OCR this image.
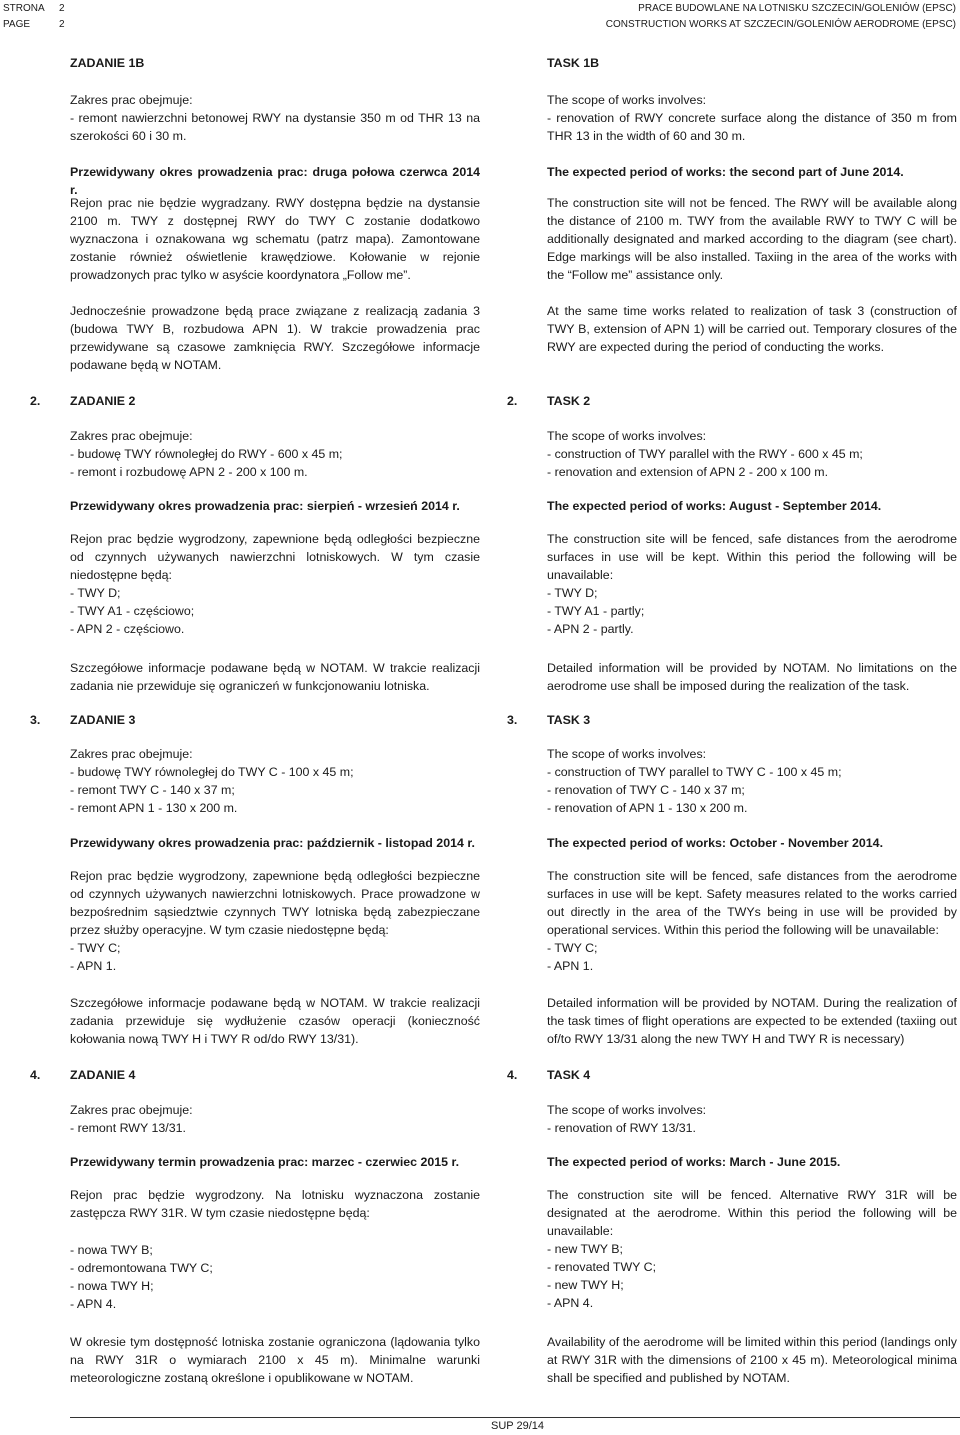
STRONA 2
PAGE	2
PRACE BUDOWLANE NA LOTNISKU SZCZECIN/GOLENIÓW (EPSC)
CONSTRUCTION WORKS AT SZCZECIN/GOLENIÓW AERODROME (EPSC)
ZADANIE 1B

Zakres prac obejmuje:

- remont nawierzchni betonowej RWY na dystansie 350 m od THR 13 na szerokości 60 i 30 m.

Przewidywany okres prowadzenia prac: druga połowa czerwca 2014 r.
Rejon prac nie będzie wygradzany. RWY dostępna będzie na dystansie 2100 m. TWY z dostępnej RWY do TWY C zostanie dodatkowo wyznaczona i oznakowana wg schematu (patrz mapa). Zamontowane zostanie również oświetlenie krawędziowe. Kołowanie w rejonie prowadzonych prac tylko w asyście koordynatora „Follow me”.
Jednocześnie prowadzone będą prace związane z realizacją zadania 3 (budowa TWY B, rozbudowa APN 1). W trakcie prowadzenia prac przewidywane są czasowe zamknięcia RWY. Szczegółowe informacje podawane będą w NOTAM.
2. ZADANIE 2

Zakres prac obejmuje:

- budowę TWY równoległej do RWY - 600 x 45 m;

- remont i rozbudowę APN 2 - 200 x 100 m.

Przewidywany okres prowadzenia prac: sierpień - wrzesień 2014 r.

Rejon prac będzie wygrodzony, zapewnione będą odległości bezpieczne od czynnych używanych nawierzchni lotniskowych. W tym czasie niedostępne będą:

- TWY D;

- TWY A1 - częściowo;

- APN 2 - częściowo.

Szczegółowe informacje podawane będą w NOTAM. W trakcie realizacji zadania nie przewiduje się ograniczeń w funkcjonowaniu lotniska.
3. ZADANIE 3

Zakres prac obejmuje:

- budowę TWY równoległej do TWY C - 100 x 45 m;

- remont TWY C - 140 x 37 m;

- remont APN 1 - 130 x 200 m.

Przewidywany okres prowadzenia prac: październik - listopad 2014 r.

Rejon prac będzie wygrodzony, zapewnione będą odległości bezpieczne od czynnych używanych nawierzchni lotniskowych. Prace prowadzone w bezpośrednim sąsiedztwie czynnych TWY lotniska będą zabezpieczane przez służby operacyjne. W tym czasie niedostępne będą:

- TWY C;

- APN 1.

Szczegółowe informacje podawane będą w NOTAM. W trakcie realizacji zadania przewiduje się wydłużenie czasów operacji (konieczność kołowania nową TWY H i TWY R od/do RWY 13/31).
4. ZADANIE 4

Zakres prac obejmuje:

- remont RWY 13/31.

Przewidywany termin prowadzenia prac: marzec - czerwiec 2015 r.
Rejon prac będzie wygrodzony. Na lotnisku wyznaczona zostanie zastępcza RWY 31R. W tym czasie niedostępne będą:

- nowa TWY B;

- odremontowana TWY C;

- nowa TWY H;

- APN 4.

W okresie tym dostępność lotniska zostanie ograniczona (lądowania tylko na RWY 31R o wymiarach 2100 x 45 m). Minimalne warunki meteorologiczne zostaną określone i opublikowane w NOTAM.
TASK 1B

The scope of works involves:

- renovation of RWY concrete surface along the distance of 350 m from THR 13 in the width of 60 and 30 m.

The expected period of works: the second part of June 2014.
The construction site will not be fenced. The RWY will be available along the distance of 2100 m. TWY from the available RWY to TWY C will be additionally designated and marked according to the diagram (see chart). Edge markings will be also installed. Taxiing in the area of the works with the “Follow me” assistance only.
At the same time works related to realization of task 3 (construction of TWY B, extension of APN 1) will be carried out. Temporary closures of the RWY are expected during the period of conducting the works.
2. TASK 2

The scope of works involves:

- construction of TWY parallel with the RWY - 600 x 45 m;

- renovation and extension of APN 2 - 200 x 100 m.

The expected period of works: August - September 2014.

The construction site will be fenced, safe distances from the aerodrome surfaces in use will be kept. Within this period the following will be unavailable:

- TWY D;

- TWY A1 - partly;

- APN 2 - partly.

Detailed information will be provided by NOTAM. No limitations on the aerodrome use shall be imposed during the realization of the task.
3. TASK 3

The scope of works involves:

- construction of TWY parallel to TWY C - 100 x 45 m;

- renovation of TWY C - 140 x 37 m;

- renovation of APN 1 - 130 x 200 m.

The expected period of works: October - November 2014.

The construction site will be fenced, safe distances from the aerodrome surfaces in use will be kept. Safety measures related to the works carried out directly in the area of the TWYs being in use will be provided by operational services. Within this period the following will be unavailable:

- TWY C;

- APN 1.

Detailed information will be provided by NOTAM. During the realization of the task times of flight operations are expected to be extended (taxiing out of/to RWY 13/31 along the new TWY H and TWY R is necessary)
4. TASK 4

The scope of works involves:

- renovation of RWY 13/31.

The expected period of works: March - June 2015.

The construction site will be fenced. Alternative RWY 31R will be designated at the aerodrome. Within this period the following will be unavailable:

- new TWY B;

- renovated TWY C;

- new TWY H;

- APN 4.

Availability of the aerodrome will be limited within this period (landings only at RWY 31R with the dimensions of 2100 x 45 m). Meteorological minima shall be specified and published by NOTAM.
SUP 29/14
